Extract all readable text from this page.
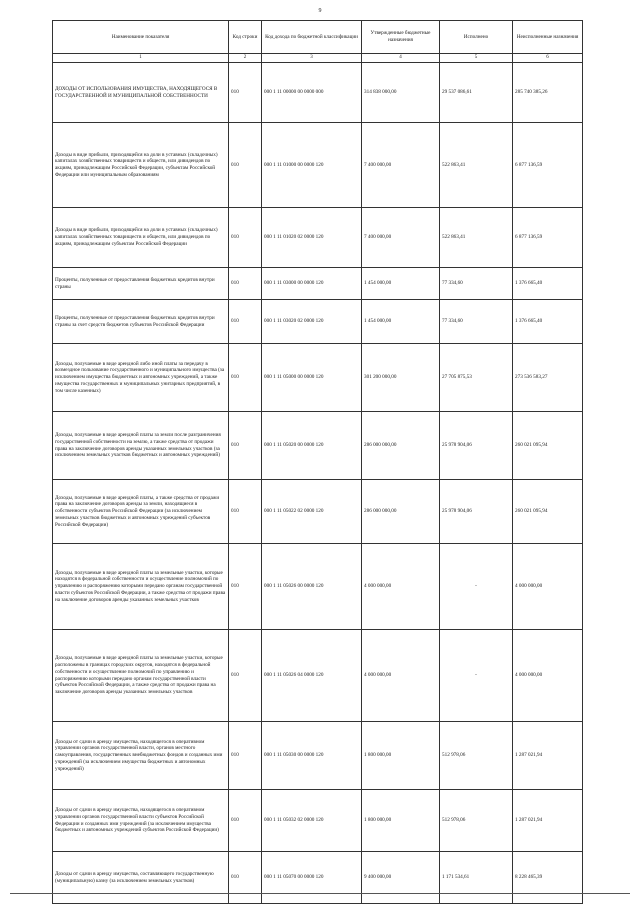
9
Наименование показателя	Код строки	Код дохода по бюджетной классификации	Утвержденные бюджетные назначения	Исполнено	Неисполненные назначения
1	2	3	4	5	6
ДОХОДЫ ОТ ИСПОЛЬЗОВАНИЯ ИМУЩЕСТВА, НАХОДЯЩЕГОСЯ В ГОСУДАРСТВЕННОЙ И МУНИЦИПАЛЬНОЙ СОБСТВЕННОСТИ	010	000 1 11 00000 00 0000 000	314 838 000,00	29 537 086,61	285 740 385,26
Доходы в виде прибыли, приходящейся на доли в уставных (складочных) капиталах хозяйственных товариществ и обществ, или дивидендов по акциям, принадлежащим Российской Федерации, субъектам Российской Федерации или муниципальным образованиям	010	000 1 11 01000 00 0000 120	7 400 000,00	522 863,41	6 877 136,59
Доходы в виде прибыли, приходящейся на доли в уставных (складочных) капиталах хозяйственных товариществ и обществ, или дивидендов по акциям, принадлежащим субъектам Российской Федерации	010	000 1 11 01020 02 0000 120	7 400 000,00	522 863,41	6 877 136,59
Проценты, полученные от предоставления бюджетных кредитов внутри страны	010	000 1 11 03000 00 0000 120	1 454 000,00	77 334,60	1 376 665,40
Проценты, полученные от предоставления бюджетных кредитов внутри страны за счет средств бюджетов субъектов Российской Федерации	010	000 1 11 03020 02 0000 120	1 454 000,00	77 334,60	1 376 665,40
Доходы, получаемые в виде арендной либо иной платы за передачу в возмездное пользование государственного и муниципального имущества (за исключением имущества бюджетных и автономных учреждений, а также имущества государственных и муниципальных унитарных предприятий, в том числе казенных)	010	000 1 11 05000 00 0000 120	301 200 000,00	27 705 875,53	273 536 583,27
Доходы, получаемые в виде арендной платы за земли после разграничения государственной собственности на землю, а также средства от продажи права на заключение договоров аренды указанных земельных участков (за исключением земельных участков бюджетных и автономных учреждений)	010	000 1 11 05020 00 0000 120	286 000 000,00	25 978 904,06	260 021 095,94
Доходы, получаемые в виде арендной платы, а также средства от продажи права на заключение договоров аренды за земли, находящиеся в собственности субъектов Российской Федерации (за исключением земельных участков бюджетных и автономных учреждений субъектов Российской Федерации)	010	000 1 11 05022 02 0000 120	286 000 000,00	25 978 904,06	260 021 095,94
Доходы, получаемые в виде арендной платы за земельные участки, которые находятся в федеральной собственности и осуществление полномочий по управлению и распоряжению которыми передано органам государственной власти субъектов Российской Федерации, а также средства от продажи права на заключение договоров аренды указанных земельных участков	010	000 1 11 05026 00 0000 120	4 000 000,00	-	4 000 000,00
Доходы, получаемые в виде арендной платы за земельные участки, которые расположены в границах городских округов, находятся в федеральной собственности и осуществление полномочий по управлению и распоряжению которыми передано органам государственной власти субъектов Российской Федерации, а также средства от продажи права на заключение договоров аренды указанных земельных участков	010	000 1 11 05026 04 0000 120	4 000 000,00	-	4 000 000,00
Доходы от сдачи в аренду имущества, находящегося в оперативном управлении органов государственной власти, органов местного самоуправления, государственных внебюджетных фондов и созданных ими учреждений (за исключением имущества бюджетных и автономных учреждений)	010	000 1 11 05030 00 0000 120	1 800 000,00	512 978,06	1 287 021,94
Доходы от сдачи в аренду имущества, находящегося в оперативном управлении органов государственной власти субъектов Российской Федерации и созданных ими учреждений (за исключением имущества бюджетных и автономных учреждений субъектов Российской Федерации)	010	000 1 11 05032 02 0000 120	1 800 000,00	512 978,06	1 287 021,94
Доходы от сдачи в аренду имущества, составляющего государственную (муниципальную) казну (за исключением земельных участков)	010	000 1 11 05070 00 0000 120	9 400 000,00	1 171 534,61	8 228 465,39
